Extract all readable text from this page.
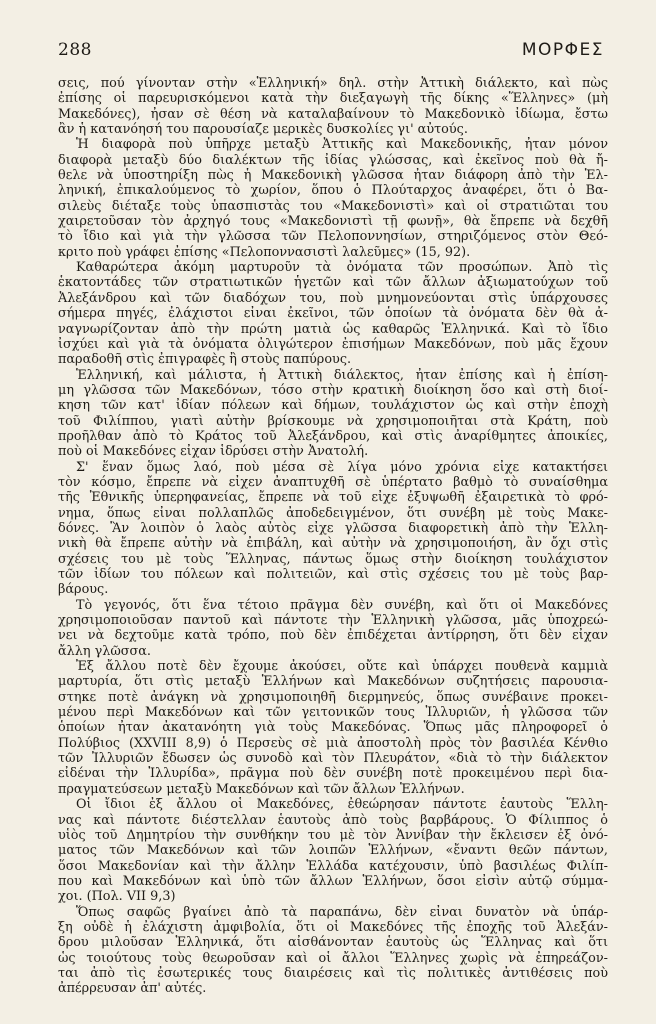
288	ΜΟΡΦΕΣ
σεις, πού γίνονταν στὴν «Ἑλληνική» δηλ. στὴν Ἀττικὴ διάλεκτο, καὶ πὼς
ἐπίσης οἱ παρευρισκόμενοι κατὰ τὴν διεξαγωγὴ τῆς δίκης «Ἕλληνες» (μὴ
Μακεδόνες), ἦσαν σὲ θέση νὰ καταλαβαίνουν τὸ Μακεδονικὸ ἰδίωμα, ἔστω
ἂν ἡ κατανόησή του παρουσίαζε μερικὲς δυσκολίες γι' αὐτούς.
Ἡ διαφορὰ ποὺ ὑπῆρχε μεταξὺ Ἀττικῆς καὶ Μακεδονικῆς, ἦταν μόνον
διαφορὰ μεταξὺ δύο διαλέκτων τῆς ἰδίας γλώσσας, καὶ ἐκεῖνος ποὺ θὰ ἤ-
θελε νὰ ὑποστηρίξη πὼς ἡ Μακεδονικὴ γλῶσσα ἦταν διάφορη ἀπὸ τὴν Ἑλ-
ληνική, ἐπικαλούμενος τὸ χωρίον, ὅπου ὁ Πλούταρχος ἀναφέρει, ὅτι ὁ Βα-
σιλεὺς διέταξε τοὺς ὑπασπιστὰς του «Μακεδονιστὶ» καὶ οἱ στρατιῶται του
χαιρετοῦσαν τὸν ἀρχηγό τους «Μακεδονιστὶ τῇ φωνῇ», θὰ ἔπρεπε νὰ δεχθῆ
τὸ ἴδιο καὶ γιὰ τὴν γλῶσσα τῶν Πελοποννησίων, στηριζόμενος στὸν Θεό-
κριτο ποὺ γράφει ἐπίσης «Πελοποννασιστὶ λαλεῦμες» (15, 92).
Καθαρώτερα ἀκόμη μαρτυροῦν τὰ ὀνόματα τῶν προσώπων. Ἀπὸ τὶς
ἑκατοντάδες τῶν στρατιωτικῶν ἡγετῶν καὶ τῶν ἄλλων ἀξιωματούχων τοῦ
Ἀλεξάνδρου καὶ τῶν διαδόχων του, ποὺ μνημονεύονται στὶς ὑπάρχουσες
σήμερα πηγές, ἐλάχιστοι εἶναι ἐκεῖνοι, τῶν ὁποίων τὰ ὀνόματα δὲν θὰ ἀ-
ναγνωρίζονταν ἀπὸ τὴν πρώτη ματιὰ ὡς καθαρῶς Ἑλληνικά. Καὶ τὸ ἴδιο
ἰσχύει καὶ γιὰ τὰ ὀνόματα ὀλιγώτερον ἐπισήμων Μακεδόνων, ποὺ μᾶς ἔχουν
παραδοθῆ στὶς ἐπιγραφὲς ἢ στοὺς παπύρους.
Ἑλληνική, καὶ μάλιστα, ἡ Ἀττικὴ διάλεκτος, ἦταν ἐπίσης καὶ ἡ ἐπίση-
μη γλῶσσα τῶν Μακεδόνων, τόσο στὴν κρατικὴ διοίκηση ὅσο καὶ στὴ διοί-
κηση τῶν κατ' ἰδίαν πόλεων καὶ δήμων, τουλάχιστον ὡς καὶ στὴν ἐποχὴ
τοῦ Φιλίππου, γιατὶ αὐτὴν βρίσκουμε νὰ χρησιμοποιῆται στὰ Κράτη, ποὺ
προῆλθαν ἀπὸ τὸ Κράτος τοῦ Ἀλεξάνδρου, καὶ στὶς ἀναρίθμητες ἀποικίες,
ποὺ οἱ Μακεδόνες εἶχαν ἱδρύσει στὴν Ἀνατολή.
Σ' ἕναν ὅμως λαό, ποὺ μέσα σὲ λίγα μόνο χρόνια εἶχε κατακτήσει
τὸν κόσμο, ἔπρεπε νὰ εἶχεν ἀναπτυχθῆ σὲ ὑπέρτατο βαθμὸ τὸ συναίσθημα
τῆς Ἐθνικῆς ὑπερηφανείας, ἔπρεπε νὰ τοῦ εἶχε ἐξυψωθῆ ἐξαιρετικὰ τὸ φρό-
νημα, ὅπως εἶναι πολλαπλῶς ἀποδεδειγμένον, ὅτι συνέβη μὲ τοὺς Μακε-
δόνες. Ἂν λοιπὸν ὁ λαὸς αὐτὸς εἶχε γλῶσσα διαφορετικὴ ἀπὸ τὴν Ἑλλη-
νικὴ θὰ ἔπρεπε αὐτὴν νὰ ἐπιβάλη, καὶ αὐτὴν νὰ χρησιμοποιήση, ἂν ὄχι στὶς
σχέσεις του μὲ τοὺς Ἕλληνας, πάντως ὅμως στὴν διοίκηση τουλάχιστον
τῶν ἰδίων του πόλεων καὶ πολιτειῶν, καὶ στὶς σχέσεις του μὲ τοὺς βαρ-
βάρους.
Τὸ γεγονός, ὅτι ἕνα τέτοιο πρᾶγμα δὲν συνέβη, καὶ ὅτι οἱ Μακεδόνες
χρησιμοποιοῦσαν παντοῦ καὶ πάντοτε τὴν Ἑλληνικὴ γλῶσσα, μᾶς ὑποχρεώ-
νει νὰ δεχτοῦμε κατὰ τρόπο, ποὺ δὲν ἐπιδέχεται ἀντίρρηση, ὅτι δὲν εἶχαν
ἄλλη γλῶσσα.
Ἐξ ἄλλου ποτὲ δὲν ἔχουμε ἀκούσει, οὔτε καὶ ὑπάρχει πουθενὰ καμμιὰ
μαρτυρία, ὅτι στὶς μεταξὺ Ἑλλήνων καὶ Μακεδόνων συζητήσεις παρουσια-
στηκε ποτὲ ἀνάγκη νὰ χρησιμοποιηθῆ διερμηνεύς, ὅπως συνέβαινε προκει-
μένου περὶ Μακεδόνων καὶ τῶν γειτονικῶν τους Ἰλλυριῶν, ἡ γλῶσσα τῶν
ὁποίων ἦταν ἀκατανόητη γιὰ τοὺς Μακεδόνας. Ὅπως μᾶς πληροφορεῖ ὁ
Πολύβιος (XXVIII 8,9) ὁ Περσεὺς σὲ μιὰ ἀποστολὴ πρὸς τὸν βασιλέα Κένθιο
τῶν Ἰλλυριῶν ἔδωσεν ὡς συνοδὸ καὶ τὸν Πλευράτον, «διὰ τὸ τὴν διάλεκτον
εἰδέναι τὴν Ἰλλυρίδα», πρᾶγμα ποὺ δὲν συνέβη ποτὲ προκειμένου περὶ δια-
πραγματεύσεων μεταξὺ Μακεδόνων καὶ τῶν ἄλλων Ἑλλήνων.
Οἱ ἴδιοι ἐξ ἄλλου οἱ Μακεδόνες, ἐθεώρησαν πάντοτε ἑαυτοὺς Ἕλλη-
νας καὶ πάντοτε διέστελλαν ἑαυτοὺς ἀπὸ τοὺς βαρβάρους. Ὁ Φίλιππος ὁ
υἱὸς τοῦ Δημητρίου τὴν συνθήκην του μὲ τὸν Ἀννίβαν τὴν ἔκλεισεν ἐξ ὀνό-
ματος τῶν Μακεδόνων καὶ τῶν λοιπῶν Ἑλλήνων, «ἔναντι θεῶν πάντων,
ὅσοι Μακεδονίαν καὶ τὴν ἄλλην Ἑλλάδα κατέχουσιν, ὑπὸ βασιλέως Φιλίπ-
που καὶ Μακεδόνων καὶ ὑπὸ τῶν ἄλλων Ἑλλήνων, ὅσοι εἰσὶν αὐτῷ σύμμα-
χοι. (Πολ. VII 9,3)
Ὅπως σαφῶς βγαίνει ἀπὸ τὰ παραπάνω, δὲν εἶναι δυνατὸν νὰ ὑπάρ-
ξη οὐδὲ ἡ ἐλάχιστη ἀμφιβολία, ὅτι οἱ Μακεδόνες τῆς ἐποχῆς τοῦ Ἀλεξάν-
δρου μιλοῦσαν Ἑλληνικά, ὅτι αἰσθάνονταν ἑαυτοὺς ὡς Ἕλληνας καὶ ὅτι
ὡς τοιούτους τοὺς θεωροῦσαν καὶ οἱ ἄλλοι Ἕλληνες χωρὶς νὰ ἐπηρεάζον-
ται ἀπὸ τὶς ἐσωτερικές τους διαιρέσεις καὶ τὶς πολιτικὲς ἀντιθέσεις ποὺ
ἀπέρρευσαν ἀπ' αὐτές.
